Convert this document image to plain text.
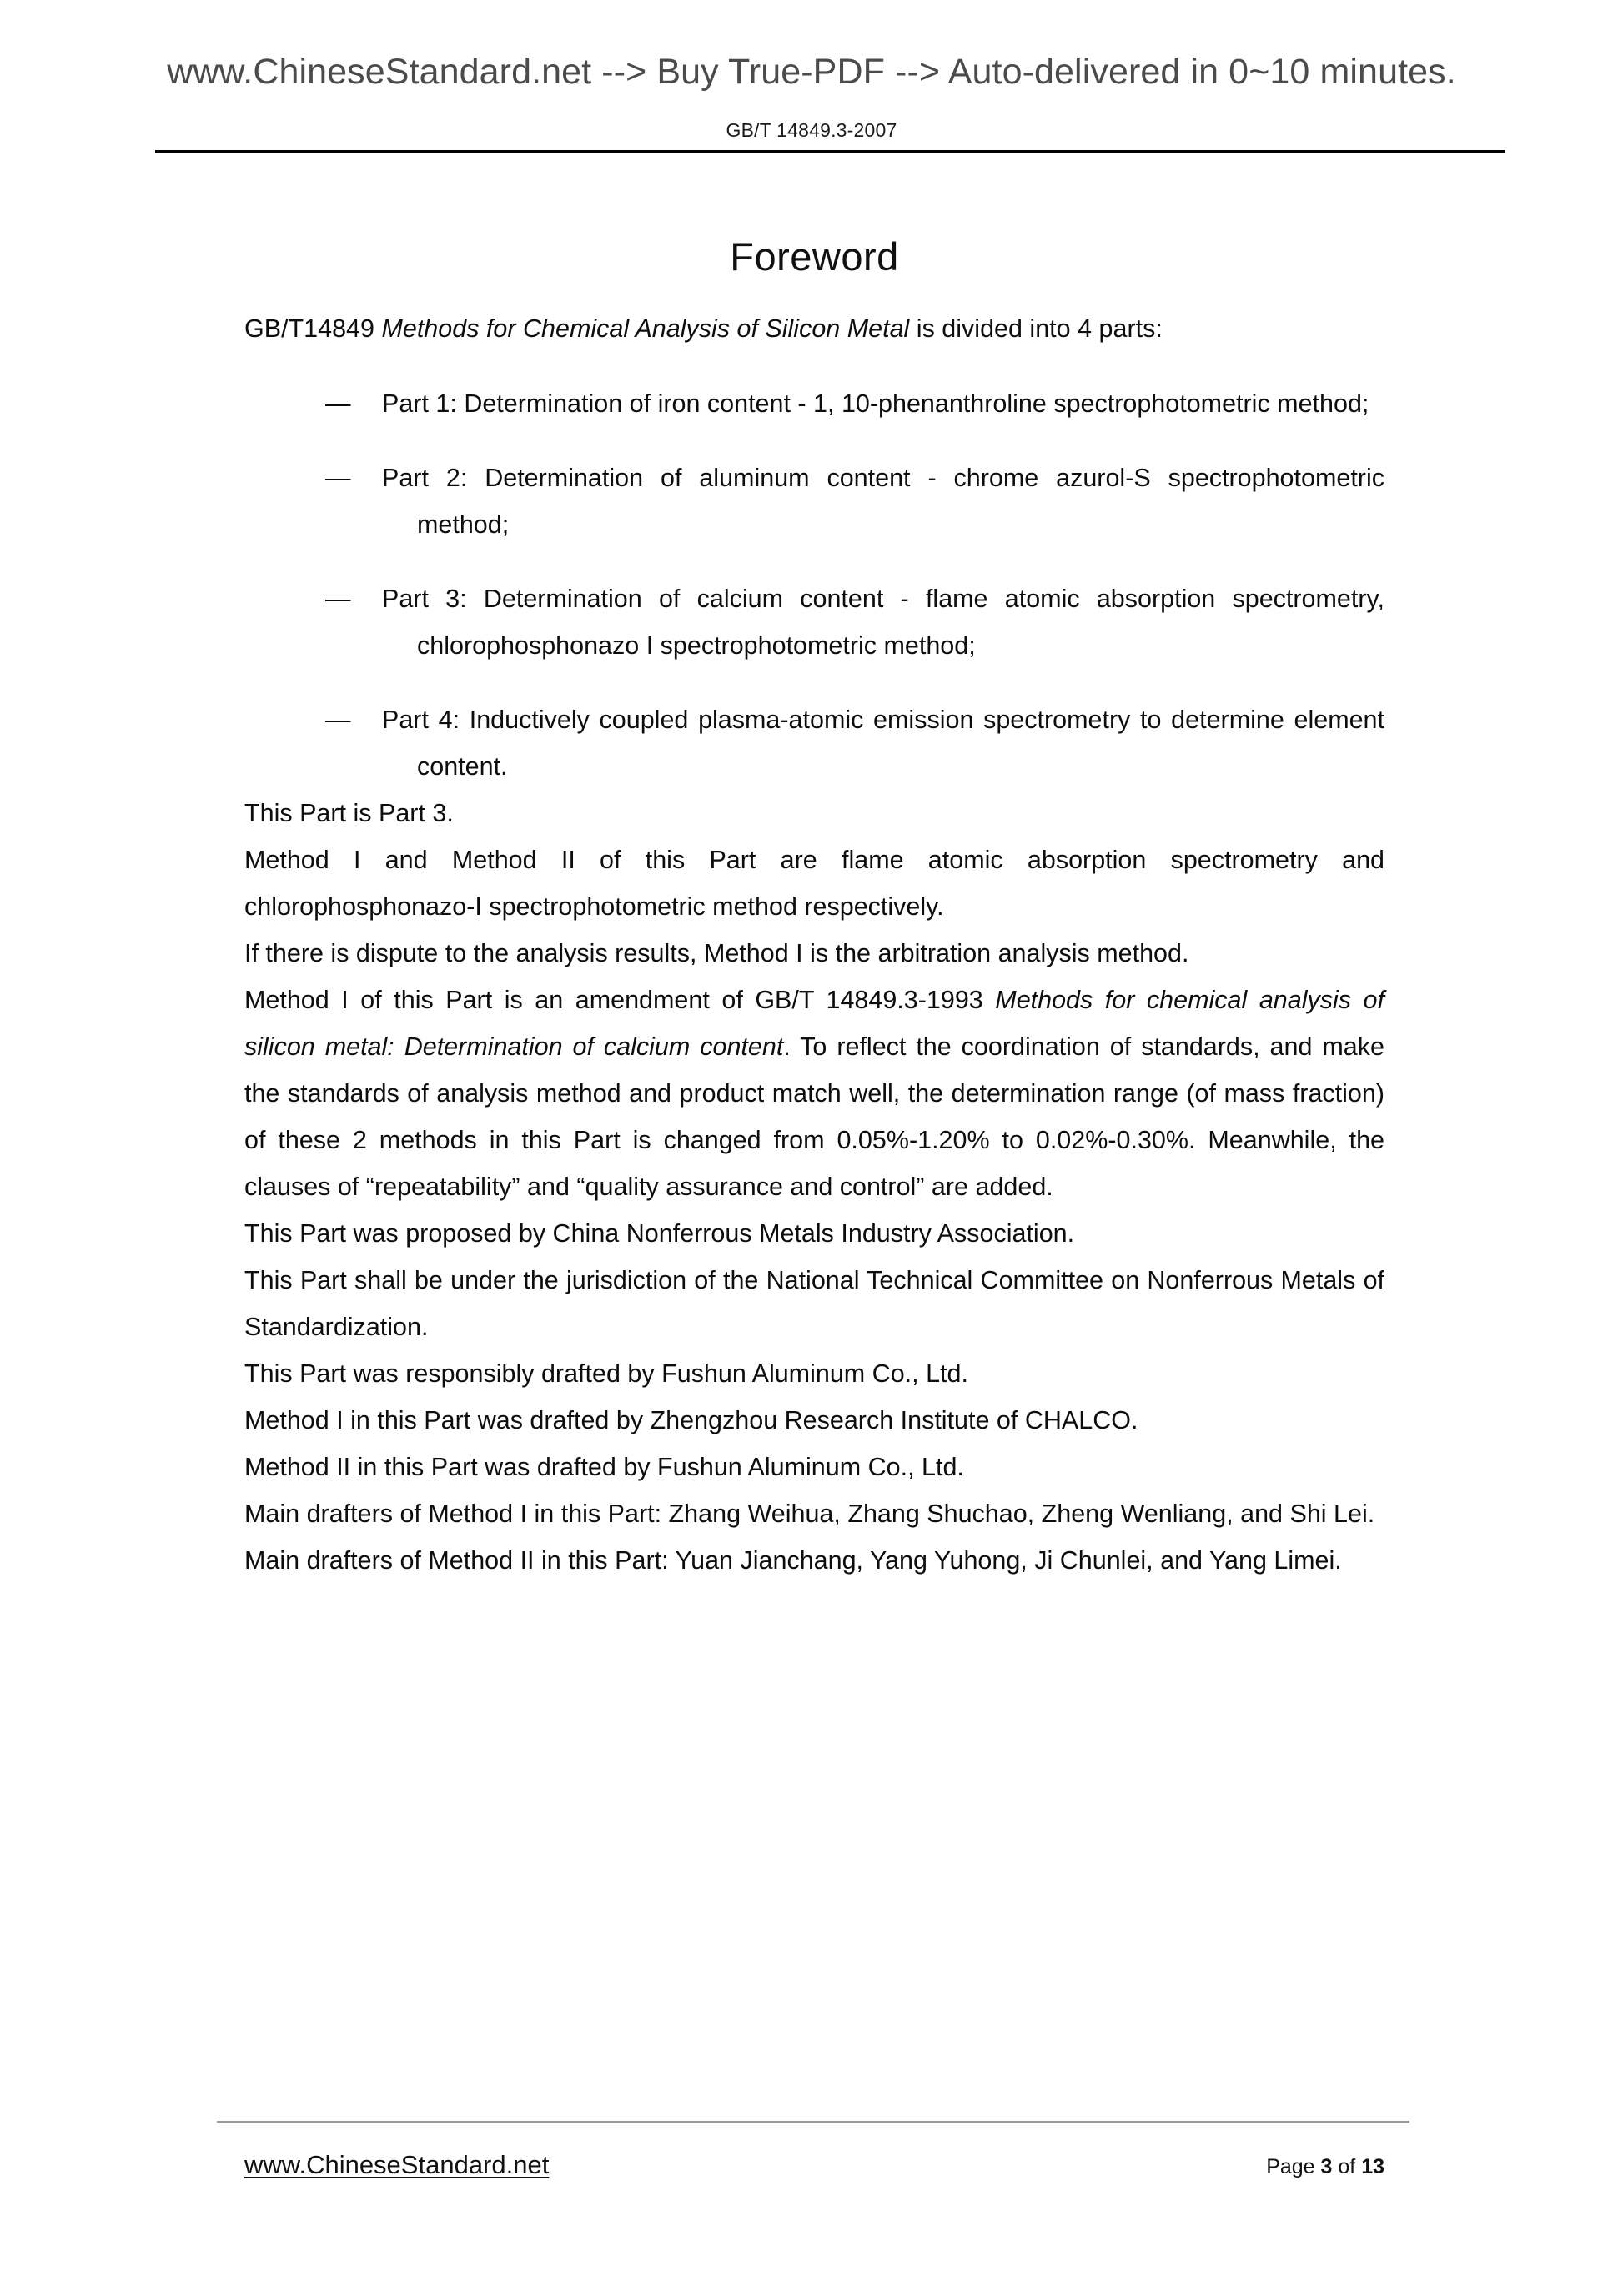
www.ChineseStandard.net --> Buy True-PDF --> Auto-delivered in 0~10 minutes.
GB/T 14849.3-2007
Foreword

GB/T14849 Methods for Chemical Analysis of Silicon Metal is divided into 4 parts:

— Part 1: Determination of iron content - 1, 10-phenanthroline spectrophotometric method;
— Part 2: Determination of aluminum content - chrome azurol-S spectrophotometric method;
— Part 3: Determination of calcium content - flame atomic absorption spectrometry, chlorophosphonazo I spectrophotometric method;
— Part 4: Inductively coupled plasma-atomic emission spectrometry to determine element content.

This Part is Part 3.

Method I and Method II of this Part are flame atomic absorption spectrometry and chlorophosphonazo-I spectrophotometric method respectively.

If there is dispute to the analysis results, Method I is the arbitration analysis method.

Method I of this Part is an amendment of GB/T 14849.3-1993 Methods for chemical analysis of silicon metal: Determination of calcium content. To reflect the coordination of standards, and make the standards of analysis method and product match well, the determination range (of mass fraction) of these 2 methods in this Part is changed from 0.05%-1.20% to 0.02%-0.30%. Meanwhile, the clauses of “repeatability” and “quality assurance and control” are added.

This Part was proposed by China Nonferrous Metals Industry Association.

This Part shall be under the jurisdiction of the National Technical Committee on Nonferrous Metals of Standardization.

This Part was responsibly drafted by Fushun Aluminum Co., Ltd.

Method I in this Part was drafted by Zhengzhou Research Institute of CHALCO.

Method II in this Part was drafted by Fushun Aluminum Co., Ltd.

Main drafters of Method I in this Part: Zhang Weihua, Zhang Shuchao, Zheng Wenliang, and Shi Lei.

Main drafters of Method II in this Part: Yuan Jianchang, Yang Yuhong, Ji Chunlei, and Yang Limei.

www.ChineseStandard.net	Page 3 of 13
